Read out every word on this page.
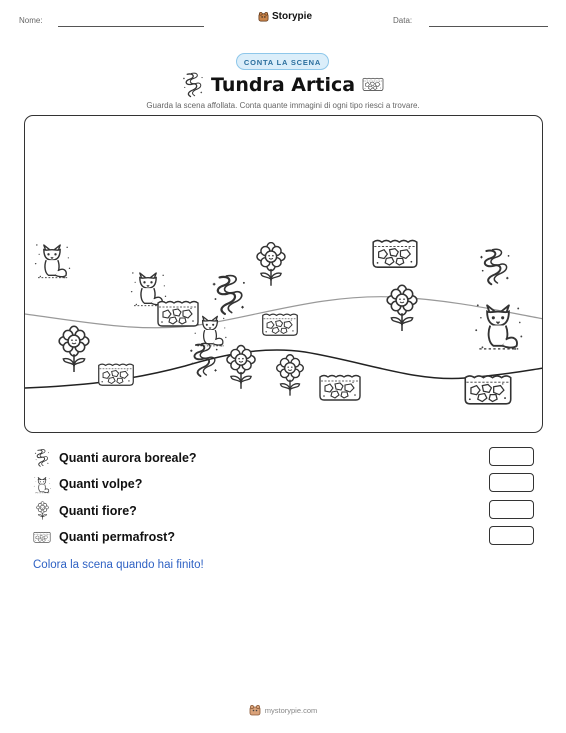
Nome:	Storypie	Data:
CONTA LA SCENA
Tundra Artica
Guarda la scena affollata. Conta quante immagini di ogni tipo riesci a trovare.
Quanti aurora boreale?
Quanti volpe?
Quanti fiore?
Quanti permafrost?
Colora la scena quando hai finito!
mystorypie.com
